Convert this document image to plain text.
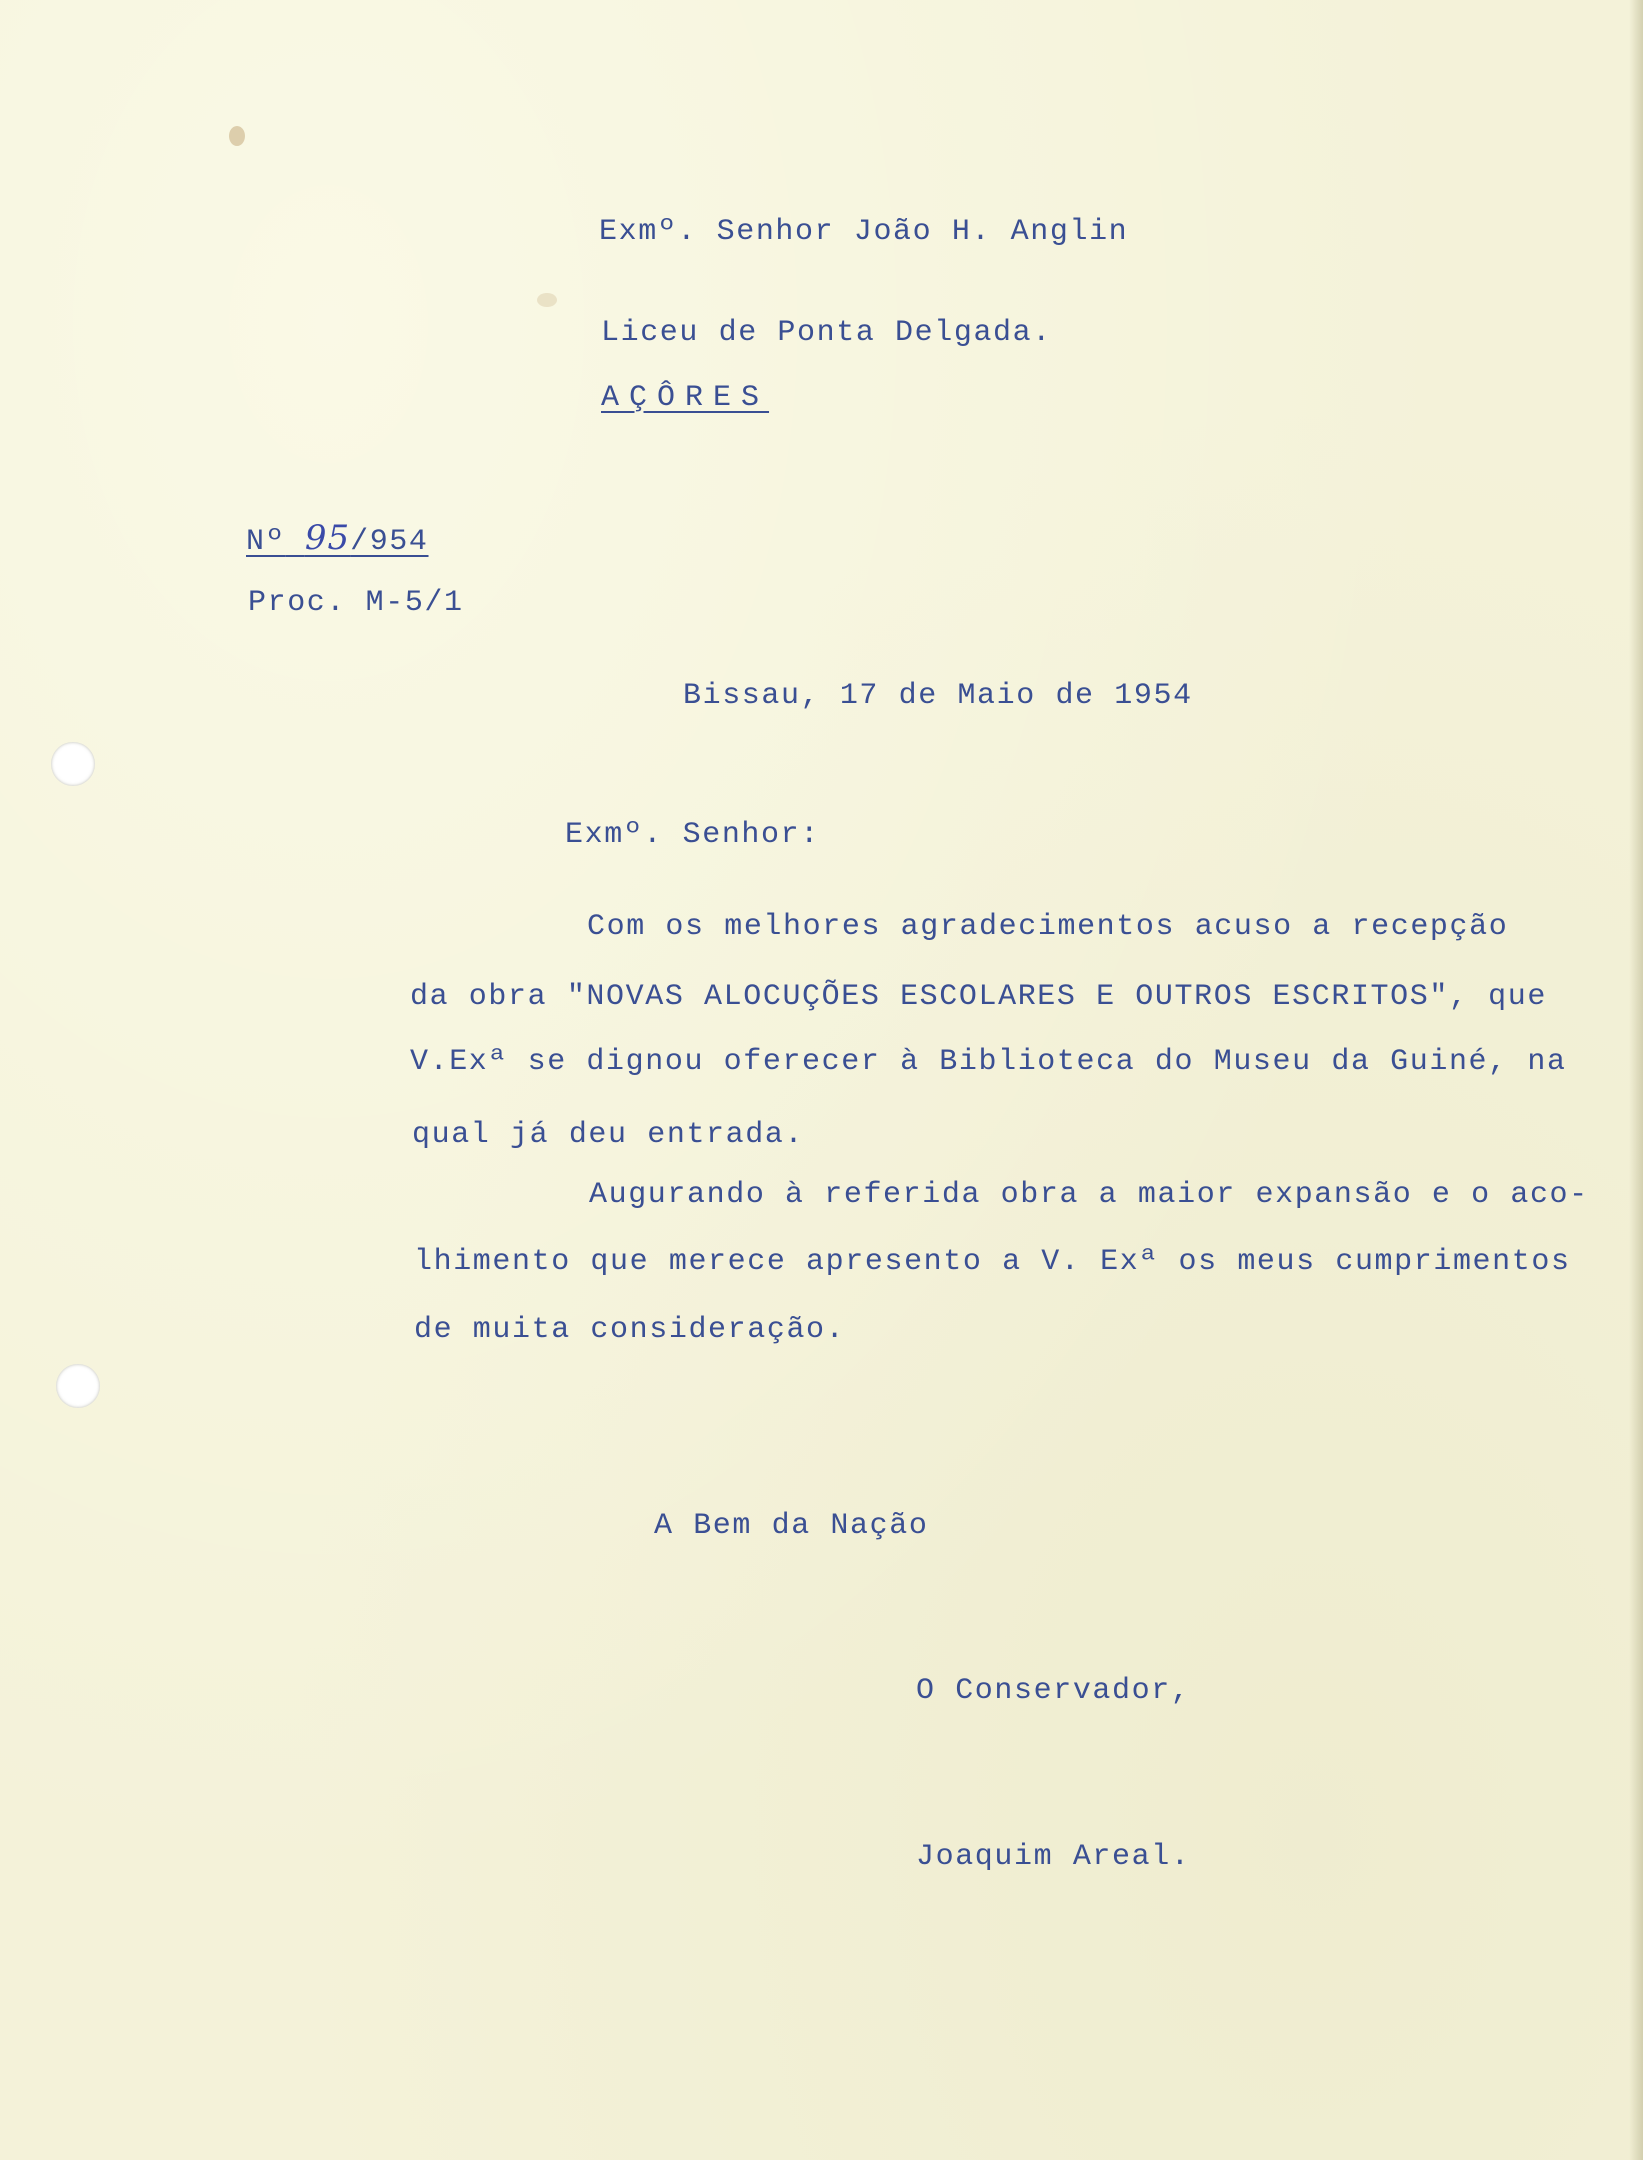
Exmº. Senhor João H. Anglin
Liceu de Ponta Delgada.
AÇÔRES
Nº 95/954
Proc. M-5/1
Bissau, 17 de Maio de 1954
Exmº. Senhor:
Com os melhores agradecimentos acuso a recepção
da obra "NOVAS ALOCUÇÕES ESCOLARES E OUTROS ESCRITOS", que
V.Exª se dignou oferecer à Biblioteca do Museu da Guiné, na
qual já deu entrada.
Augurando à referida obra a maior expansão e o aco-
lhimento que merece apresento a V. Exª os meus cumprimentos
de muita consideração.
A Bem da Nação
O Conservador,
Joaquim Areal.
